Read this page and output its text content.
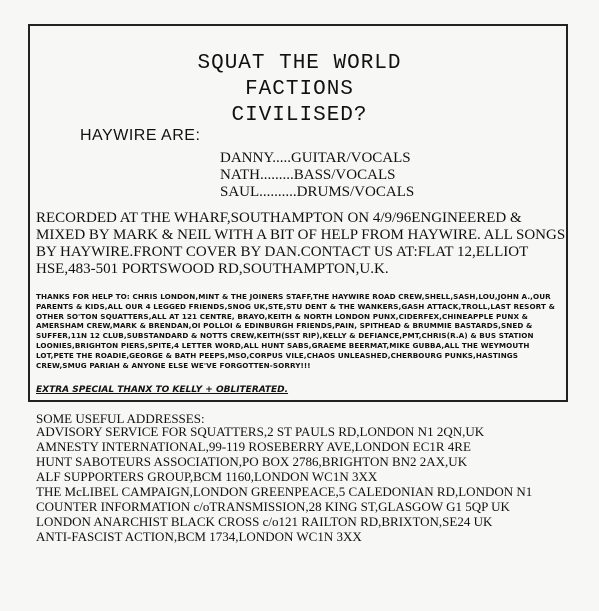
SQUAT THE WORLD
FACTIONS
CIVILISED?
HAYWIRE ARE:
DANNY.....GUITAR/VOCALS
NATH.........BASS/VOCALS
SAUL..........DRUMS/VOCALS
RECORDED AT THE WHARF,SOUTHAMPTON ON 4/9/96ENGINEERED & MIXED BY MARK & NEIL WITH A BIT OF HELP FROM HAYWIRE. ALL SONGS BY HAYWIRE.FRONT COVER BY DAN.CONTACT US AT:FLAT 12,ELLIOT HSE,483-501 PORTSWOOD RD,SOUTHAMPTON,U.K.
THANKS FOR HELP TO: CHRIS LONDON,MINT & THE JOINERS STAFF,THE HAYWIRE ROAD CREW,SHELL,SASH,LOU,JOHN A.,OUR PARENTS & KIDS,ALL OUR 4 LEGGED FRIENDS,SNOG UK,STE,STU DENT & THE WANKERS,GASH ATTACK,TROLL,LAST RESORT & OTHER SO'TON SQUATTERS,ALL AT 121 CENTRE, BRAYO,KEITH & NORTH LONDON PUNX,CIDERFEX,CHINEAPPLE PUNX & AMERSHAM CREW,MARK & BRENDAN,OI POLLOI & EDINBURGH FRIENDS,PAIN, SPITHEAD & BRUMMIE BASTARDS,SNED & SUFFER,11N 12 CLUB,SUBSTANDARD & NOTTS CREW,KEITH(SST RIP),KELLY & DEFIANCE,PMT,CHRIS(R.A) & BUS STATION LOONIES,BRIGHTON PIERS,SPITE,4 LETTER WORD,ALL HUNT SABS,GRAEME BEERMAT,MIKE GUBBA,ALL THE WEYMOUTH LOT,PETE THE ROADIE,GEORGE & BATH PEEPS,MSO,CORPUS VILE,CHAOS UNLEASHED,CHERBOURG PUNKS,HASTINGS CREW,SMUG PARIAH & ANYONE ELSE WE'VE FORGOTTEN-SORRY!!!
EXTRA SPECIAL THANX TO KELLY + OBLITERATED.
SOME USEFUL ADDRESSES:
ADVISORY SERVICE FOR SQUATTERS,2 ST PAULS RD,LONDON N1 2QN,UK
AMNESTY INTERNATIONAL,99-119 ROSEBERRY AVE,LONDON EC1R 4RE
HUNT SABOTEURS ASSOCIATION,PO BOX 2786,BRIGHTON BN2 2AX,UK
ALF SUPPORTERS GROUP,BCM 1160,LONDON WC1N 3XX
THE McLIBEL CAMPAIGN,LONDON GREENPEACE,5 CALEDONIAN RD,LONDON N1
COUNTER INFORMATION c/oTRANSMISSION,28 KING ST,GLASGOW G1 5QP UK
LONDON ANARCHIST BLACK CROSS c/o121 RAILTON RD,BRIXTON,SE24 UK
ANTI-FASCIST ACTION,BCM 1734,LONDON WC1N 3XX
